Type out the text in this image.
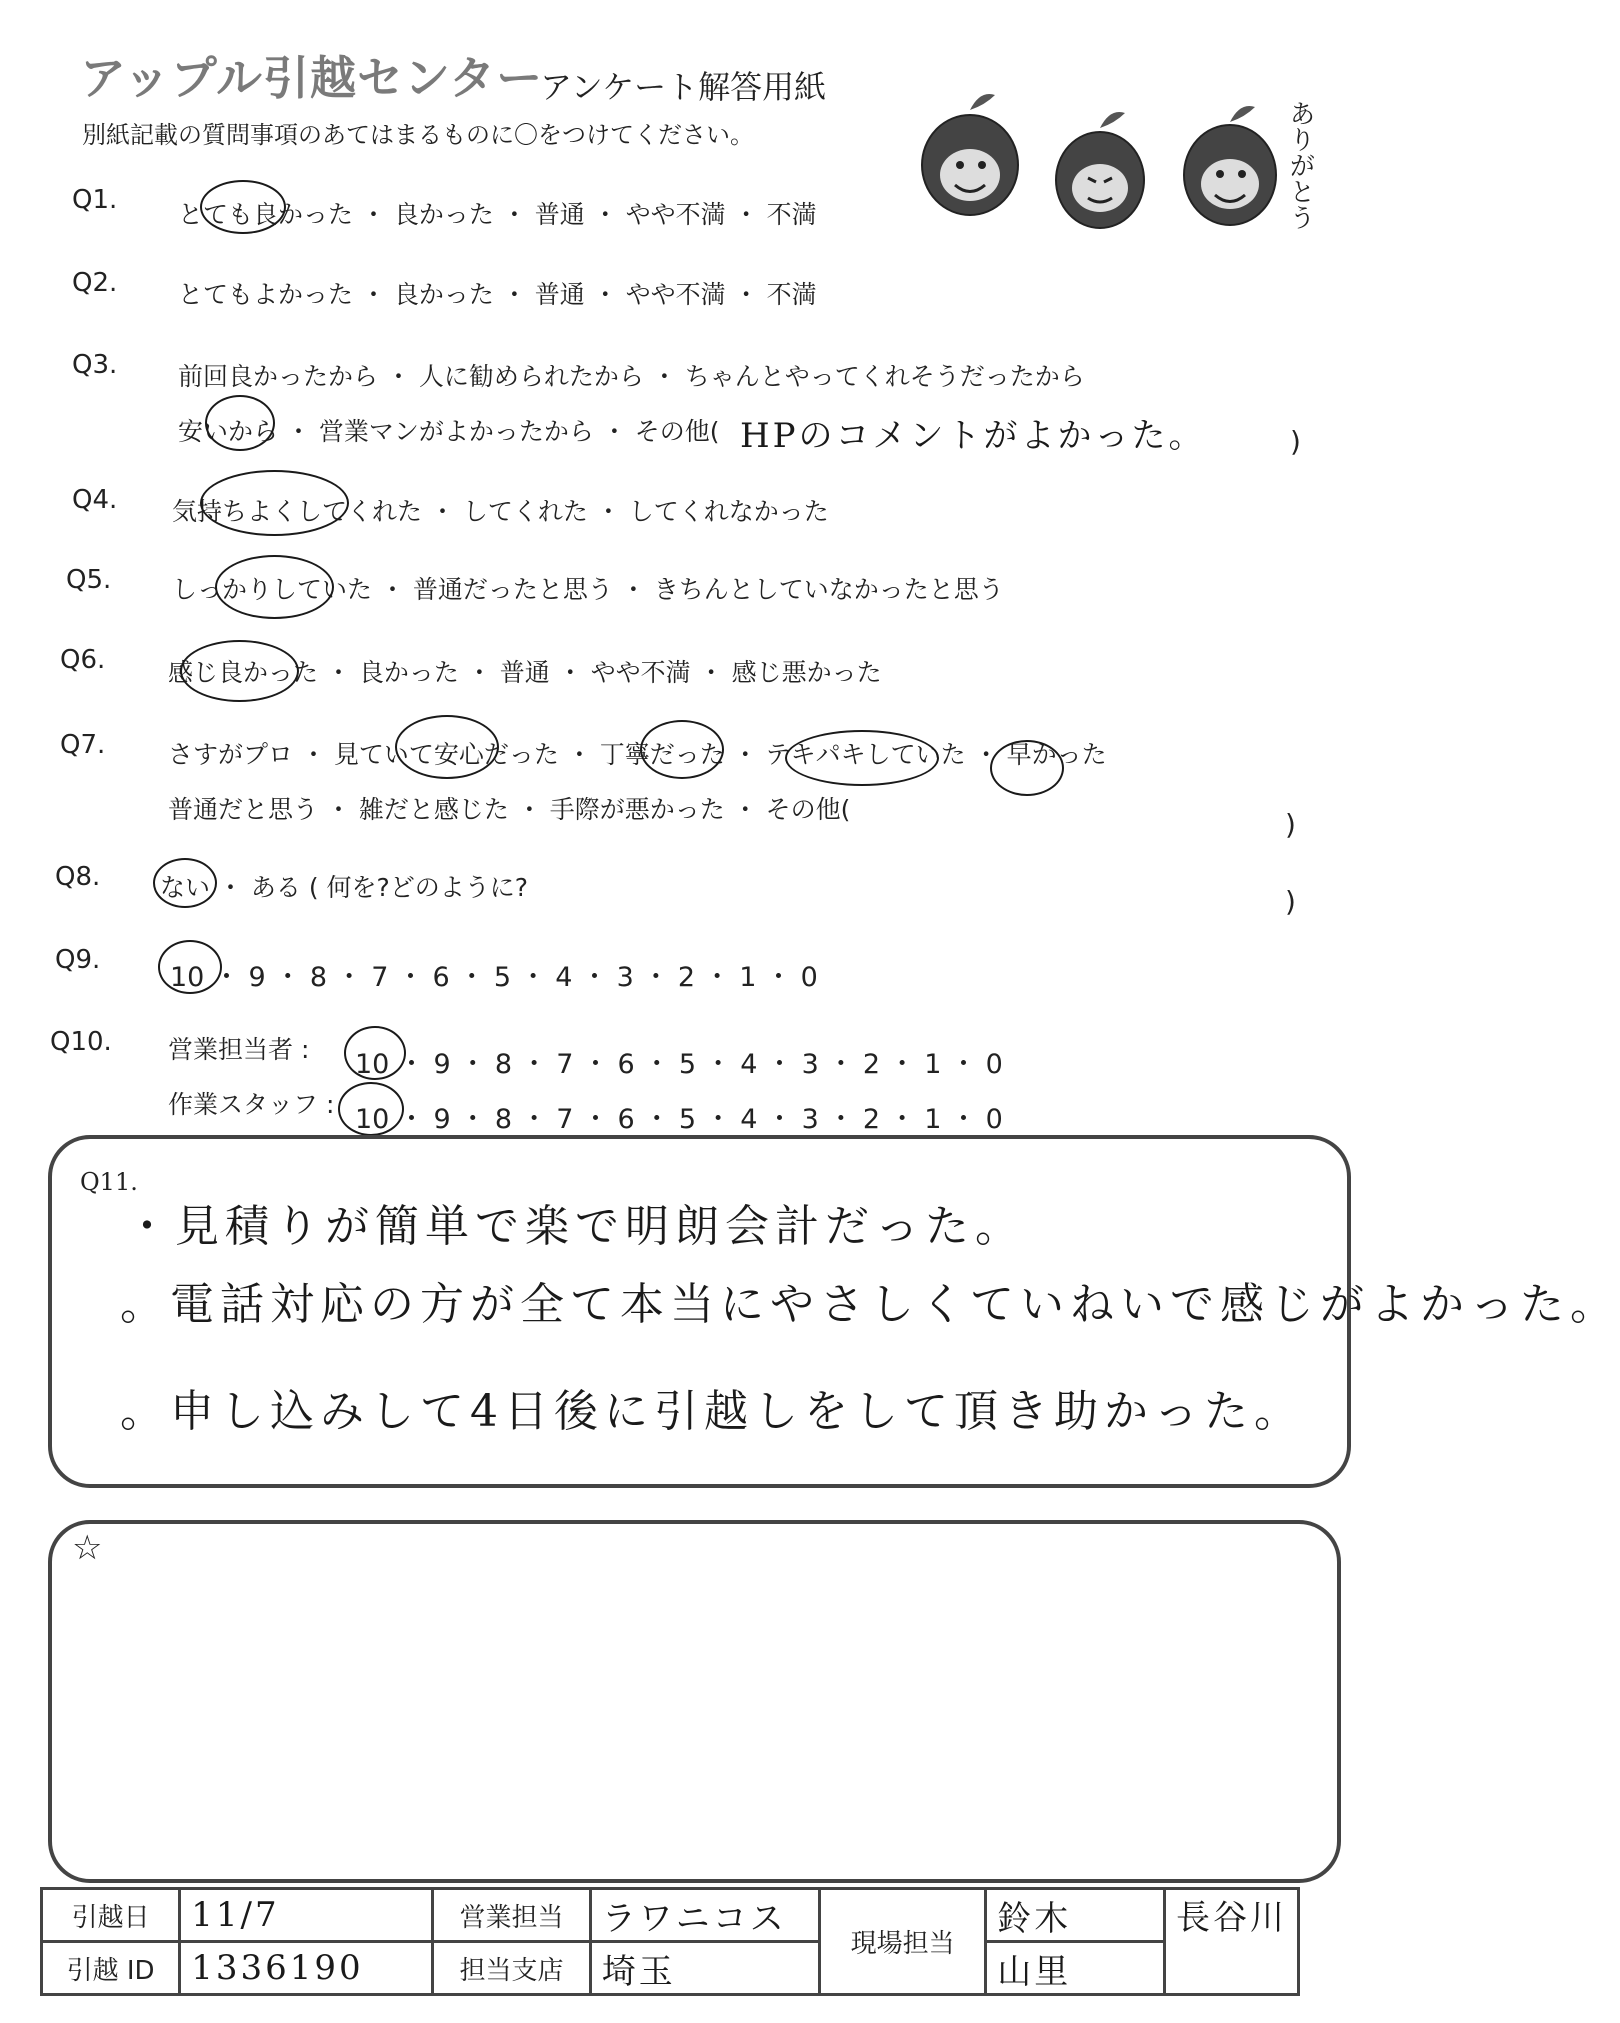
アップル引越センター
アンケート解答用紙
別紙記載の質問事項のあてはまるものに〇をつけてください。	ありがとう
Q1. とても良かった ・ 良かった ・ 普通 ・ やや不満 ・ 不満
Q2. とてもよかった ・ 良かった ・ 普通 ・ やや不満 ・ 不満
Q3. 前回良かったから ・ 人に勧められたから ・ ちゃんとやってくれそうだったから
安いから ・ 営業マンがよかったから ・ その他( HPのコメントがよかった。	)
Q4. 気持ちよくしてくれた ・ してくれた ・ してくれなかった
Q5. しっかりしていた ・ 普通だったと思う ・ きちんとしていなかったと思う
Q6.	感じ良かった ・ 良かった ・ 普通 ・ やや不満 ・ 感じ悪かった
Q7.	さすがプロ ・ 見ていて安心だった ・ 丁寧だった ・ テキパキしていた ・ 早かった
普通だと思う ・ 雑だと感じた ・ 手際が悪かった ・ その他(	)
Q8. ない ・ ある ( 何を?どのように?	)
Q9.
10 ・ 9 ・ 8 ・ 7 ・ 6 ・ 5 ・ 4 ・ 3 ・ 2 ・ 1 ・ 0
Q10. 営業担当者 : 10 ・ 9 ・ 8 ・ 7 ・ 6 ・ 5 ・ 4 ・ 3 ・ 2 ・ 1 ・ 0
作業スタッフ : 10 ・ 9 ・ 8 ・ 7 ・ 6 ・ 5 ・ 4 ・ 3 ・ 2 ・ 1 ・ 0
Q11.
・見積りが簡単で楽で明朗会計だった。
。電話対応の方が全て本当にやさしくていねいで感じがよかった。
。申し込みして4日後に引越しをして頂き助かった。
☆
引越日	11/7	営業担当	ラワニコス	現場担当	鈴木	長谷川
引越 ID	1336190	担当支店	埼玉		山里	
